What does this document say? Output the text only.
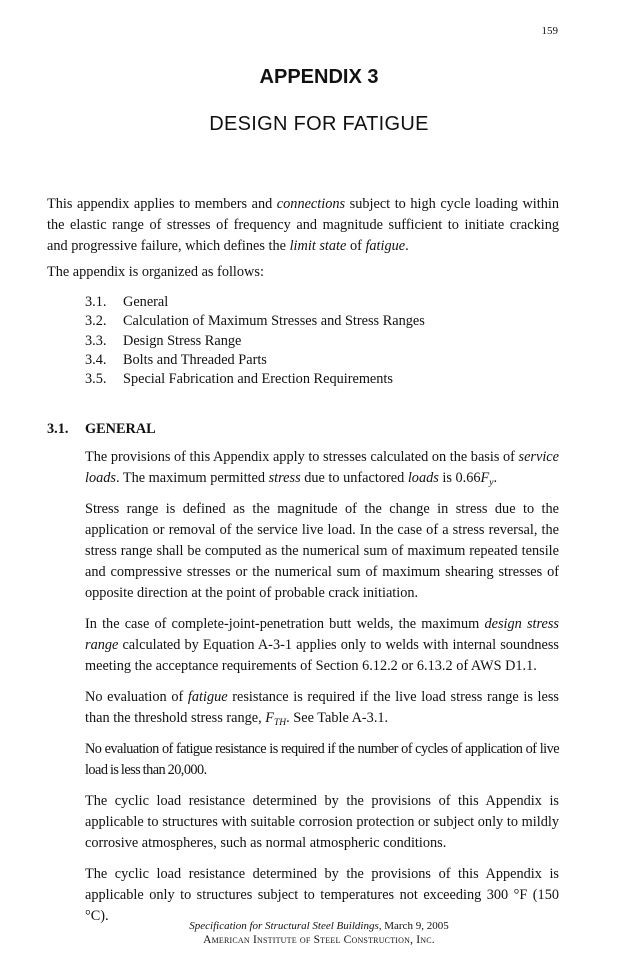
159
APPENDIX 3
DESIGN FOR FATIGUE
This appendix applies to members and connections subject to high cycle loading within the elastic range of stresses of frequency and magnitude sufficient to initiate cracking and progressive failure, which defines the limit state of fatigue.
The appendix is organized as follows:
3.1.	General
3.2.	Calculation of Maximum Stresses and Stress Ranges
3.3.	Design Stress Range
3.4.	Bolts and Threaded Parts
3.5.	Special Fabrication and Erection Requirements
3.1.	GENERAL

The provisions of this Appendix apply to stresses calculated on the basis of service loads. The maximum permitted stress due to unfactored loads is $0.66F_y$.

Stress range is defined as the magnitude of the change in stress due to the application or removal of the service live load. In the case of a stress reversal, the stress range shall be computed as the numerical sum of maximum repeated tensile and compressive stresses or the numerical sum of maximum shearing stresses of opposite direction at the point of probable crack initiation.

In the case of complete-joint-penetration butt welds, the maximum design stress range calculated by Equation A-3-1 applies only to welds with internal soundness meeting the acceptance requirements of Section 6.12.2 or 6.13.2 of AWS D1.1.

No evaluation of fatigue resistance is required if the live load stress range is less than the threshold stress range, $F_{TH}$. See Table A-3.1.

No evaluation of fatigue resistance is required if the number of cycles of application of live load is less than 20,000.

The cyclic load resistance determined by the provisions of this Appendix is applicable to structures with suitable corrosion protection or subject only to mildly corrosive atmospheres, such as normal atmospheric conditions.

The cyclic load resistance determined by the provisions of this Appendix is applicable only to structures subject to temperatures not exceeding 300 °F (150 °C).

Specification for Structural Steel Buildings, March 9, 2005
American Institute of Steel Construction, Inc.
